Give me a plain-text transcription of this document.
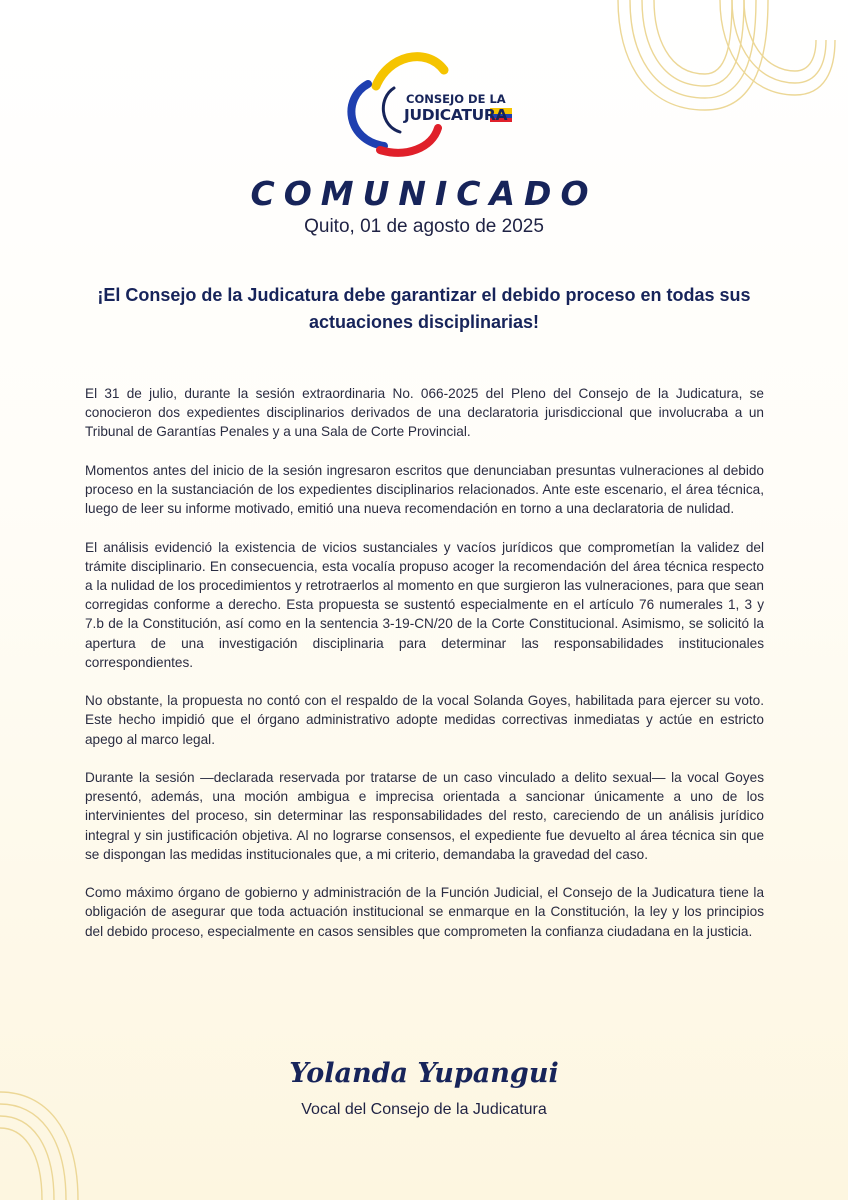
CONSEJO DE LA
JUDICATURA
COMUNICADO
Quito, 01 de agosto de 2025
¡El Consejo de la Judicatura debe garantizar el debido proceso en todas sus actuaciones disciplinarias!

El 31 de julio, durante la sesión extraordinaria No. 066-2025 del Pleno del Consejo de la Judicatura, se conocieron dos expedientes disciplinarios derivados de una declaratoria jurisdiccional que involucraba a un Tribunal de Garantías Penales y a una Sala de Corte Provincial.

Momentos antes del inicio de la sesión ingresaron escritos que denunciaban presuntas vulneraciones al debido proceso en la sustanciación de los expedientes disciplinarios relacionados. Ante este escenario, el área técnica, luego de leer su informe motivado, emitió una nueva recomendación en torno a una declaratoria de nulidad.

El análisis evidenció la existencia de vicios sustanciales y vacíos jurídicos que comprometían la validez del trámite disciplinario. En consecuencia, esta vocalía propuso acoger la recomendación del área técnica respecto a la nulidad de los procedimientos y retrotraerlos al momento en que surgieron las vulneraciones, para que sean corregidas conforme a derecho. Esta propuesta se sustentó especialmente en el artículo 76 numerales 1, 3 y 7.b de la Constitución, así como en la sentencia 3-19-CN/20 de la Corte Constitucional. Asimismo, se solicitó la apertura de una investigación disciplinaria para determinar las responsabilidades institucionales correspondientes.

No obstante, la propuesta no contó con el respaldo de la vocal Solanda Goyes, habilitada para ejercer su voto. Este hecho impidió que el órgano administrativo adopte medidas correctivas inmediatas y actúe en estricto apego al marco legal.

Durante la sesión —declarada reservada por tratarse de un caso vinculado a delito sexual— la vocal Goyes presentó, además, una moción ambigua e imprecisa orientada a sancionar únicamente a uno de los intervinientes del proceso, sin determinar las responsabilidades del resto, careciendo de un análisis jurídico integral y sin justificación objetiva. Al no lograrse consensos, el expediente fue devuelto al área técnica sin que se dispongan las medidas institucionales que, a mi criterio, demandaba la gravedad del caso.

Como máximo órgano de gobierno y administración de la Función Judicial, el Consejo de la Judicatura tiene la obligación de asegurar que toda actuación institucional se enmarque en la Constitución, la ley y los principios del debido proceso, especialmente en casos sensibles que comprometen la confianza ciudadana en la justicia.

Yolanda Yupangui
Vocal del Consejo de la Judicatura
